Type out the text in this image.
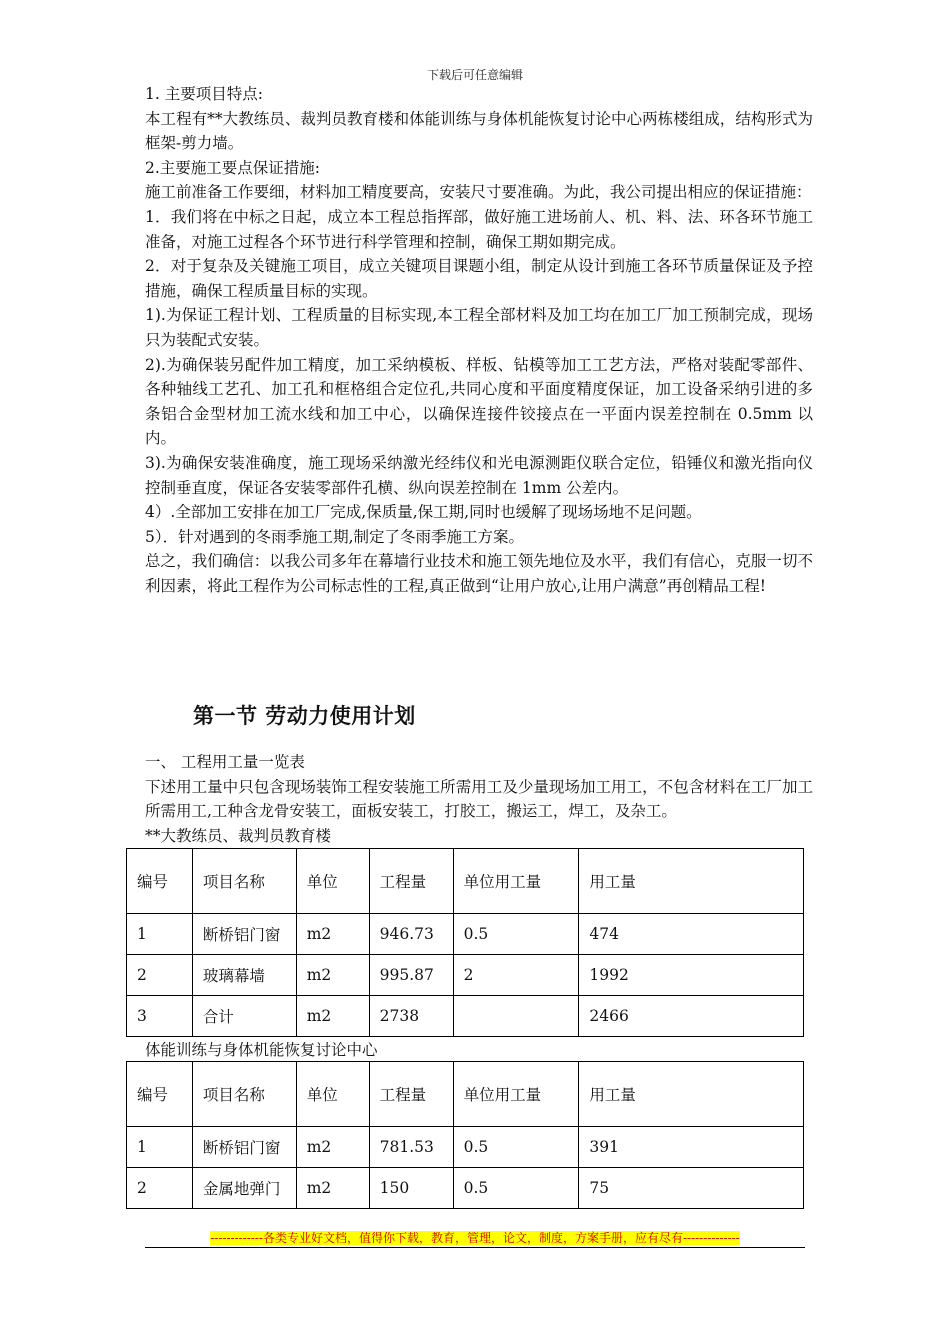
下载后可任意编辑

1. 主要项目特点:

本工程有**大教练员、裁判员教育楼和体能训练与身体机能恢复讨论中心两栋楼组成，结构形式为框架-剪力墙。

2.主要施工要点保证措施:

施工前准备工作要细，材料加工精度要高，安装尺寸要准确。为此，我公司提出相应的保证措施：

1．我们将在中标之日起，成立本工程总指挥部，做好施工进场前人、机、料、法、环各环节施工准备，对施工过程各个环节进行科学管理和控制，确保工期如期完成。

2．对于复杂及关键施工项目，成立关键项目课题小组，制定从设计到施工各环节质量保证及予控措施，确保工程质量目标的实现。

1).为保证工程计划、工程质量的目标实现,本工程全部材料及加工均在加工厂加工预制完成，现场只为装配式安装。

2).为确保装另配件加工精度，加工采纳模板、样板、钻模等加工工艺方法，严格对装配零部件、各种轴线工艺孔、加工孔和框格组合定位孔,共同心度和平面度精度保证，加工设备采纳引进的多条铝合金型材加工流水线和加工中心，以确保连接件铰接点在一平面内误差控制在 0.5mm 以内。

3).为确保安装准确度，施工现场采纳激光经纬仪和光电源测距仪联合定位，铅锤仪和激光指向仪控制垂直度，保证各安装零部件孔横、纵向误差控制在 1mm 公差内。

4）.全部加工安排在加工厂完成,保质量,保工期,同时也缓解了现场场地不足问题。

5）．针对遇到的冬雨季施工期,制定了冬雨季施工方案。

总之，我们确信：以我公司多年在幕墙行业技术和施工领先地位及水平，我们有信心，克服一切不利因素，将此工程作为公司标志性的工程,真正做到“让用户放心,让用户满意”再创精品工程!

第一节 劳动力使用计划

一、 工程用工量一览表

下述用工量中只包含现场装饰工程安装施工所需用工及少量现场加工用工，不包含材料在工厂加工所需用工,工种含龙骨安装工，面板安装工，打胶工，搬运工，焊工，及杂工。

**大教练员、裁判员教育楼
编号	项目名称	单位	工程量	单位用工量	用工量
1	断桥铝门窗	m2	946.73	0.5	474
2	玻璃幕墙	m2	995.87	2	1992
3	合计	m2	2738		2466
体能训练与身体机能恢复讨论中心
编号	项目名称	单位	工程量	单位用工量	用工量
1	断桥铝门窗	m2	781.53	0.5	391
2	金属地弹门	m2	150	0.5	75
-------------各类专业好文档，值得你下载，教育，管理，论文，制度，方案手册，应有尽有--------------
